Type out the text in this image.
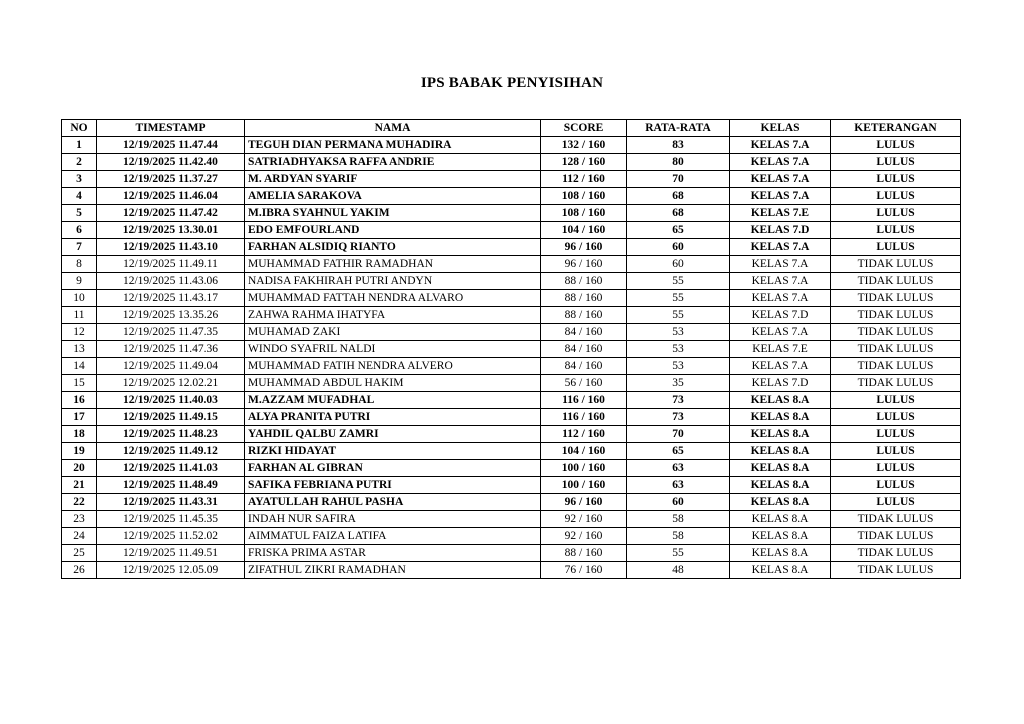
IPS BABAK PENYISIHAN
NO	TIMESTAMP	NAMA	SCORE	RATA-RATA	KELAS	KETERANGAN
1	12/19/2025 11.47.44	TEGUH DIAN PERMANA MUHADIRA	132 / 160	83	KELAS 7.A	LULUS
2	12/19/2025 11.42.40	SATRIADHYAKSA RAFFA ANDRIE	128 / 160	80	KELAS 7.A	LULUS
3	12/19/2025 11.37.27	M. ARDYAN SYARIF	112 / 160	70	KELAS 7.A	LULUS
4	12/19/2025 11.46.04	AMELIA SARAKOVA	108 / 160	68	KELAS 7.A	LULUS
5	12/19/2025 11.47.42	M.IBRA SYAHNUL YAKIM	108 / 160	68	KELAS 7.E	LULUS
6	12/19/2025 13.30.01	EDO EMFOURLAND	104 / 160	65	KELAS 7.D	LULUS
7	12/19/2025 11.43.10	FARHAN ALSIDIQ RIANTO	96 / 160	60	KELAS 7.A	LULUS
8	12/19/2025 11.49.11	MUHAMMAD FATHIR RAMADHAN	96 / 160	60	KELAS 7.A	TIDAK LULUS
9	12/19/2025 11.43.06	NADISA FAKHIRAH PUTRI ANDYN	88 / 160	55	KELAS 7.A	TIDAK LULUS
10	12/19/2025 11.43.17	MUHAMMAD FATTAH NENDRA ALVARO	88 / 160	55	KELAS 7.A	TIDAK LULUS
11	12/19/2025 13.35.26	ZAHWA RAHMA IHATYFA	88 / 160	55	KELAS 7.D	TIDAK LULUS
12	12/19/2025 11.47.35	MUHAMAD ZAKI	84 / 160	53	KELAS 7.A	TIDAK LULUS
13	12/19/2025 11.47.36	WINDO SYAFRIL NALDI	84 / 160	53	KELAS 7.E	TIDAK LULUS
14	12/19/2025 11.49.04	MUHAMMAD FATIH NENDRA ALVERO	84 / 160	53	KELAS 7.A	TIDAK LULUS
15	12/19/2025 12.02.21	MUHAMMAD ABDUL HAKIM	56 / 160	35	KELAS 7.D	TIDAK LULUS
16	12/19/2025 11.40.03	M.AZZAM MUFADHAL	116 / 160	73	KELAS 8.A	LULUS
17	12/19/2025 11.49.15	ALYA PRANITA PUTRI	116 / 160	73	KELAS 8.A	LULUS
18	12/19/2025 11.48.23	YAHDIL QALBU ZAMRI	112 / 160	70	KELAS 8.A	LULUS
19	12/19/2025 11.49.12	RIZKI HIDAYAT	104 / 160	65	KELAS 8.A	LULUS
20	12/19/2025 11.41.03	FARHAN AL GIBRAN	100 / 160	63	KELAS 8.A	LULUS
21	12/19/2025 11.48.49	SAFIKA FEBRIANA PUTRI	100 / 160	63	KELAS 8.A	LULUS
22	12/19/2025 11.43.31	AYATULLAH RAHUL PASHA	96 / 160	60	KELAS 8.A	LULUS
23	12/19/2025 11.45.35	INDAH NUR SAFIRA	92 / 160	58	KELAS 8.A	TIDAK LULUS
24	12/19/2025 11.52.02	AIMMATUL FAIZA LATIFA	92 / 160	58	KELAS 8.A	TIDAK LULUS
25	12/19/2025 11.49.51	FRISKA PRIMA ASTAR	88 / 160	55	KELAS 8.A	TIDAK LULUS
26	12/19/2025 12.05.09	ZIFATHUL ZIKRI RAMADHAN	76 / 160	48	KELAS 8.A	TIDAK LULUS
